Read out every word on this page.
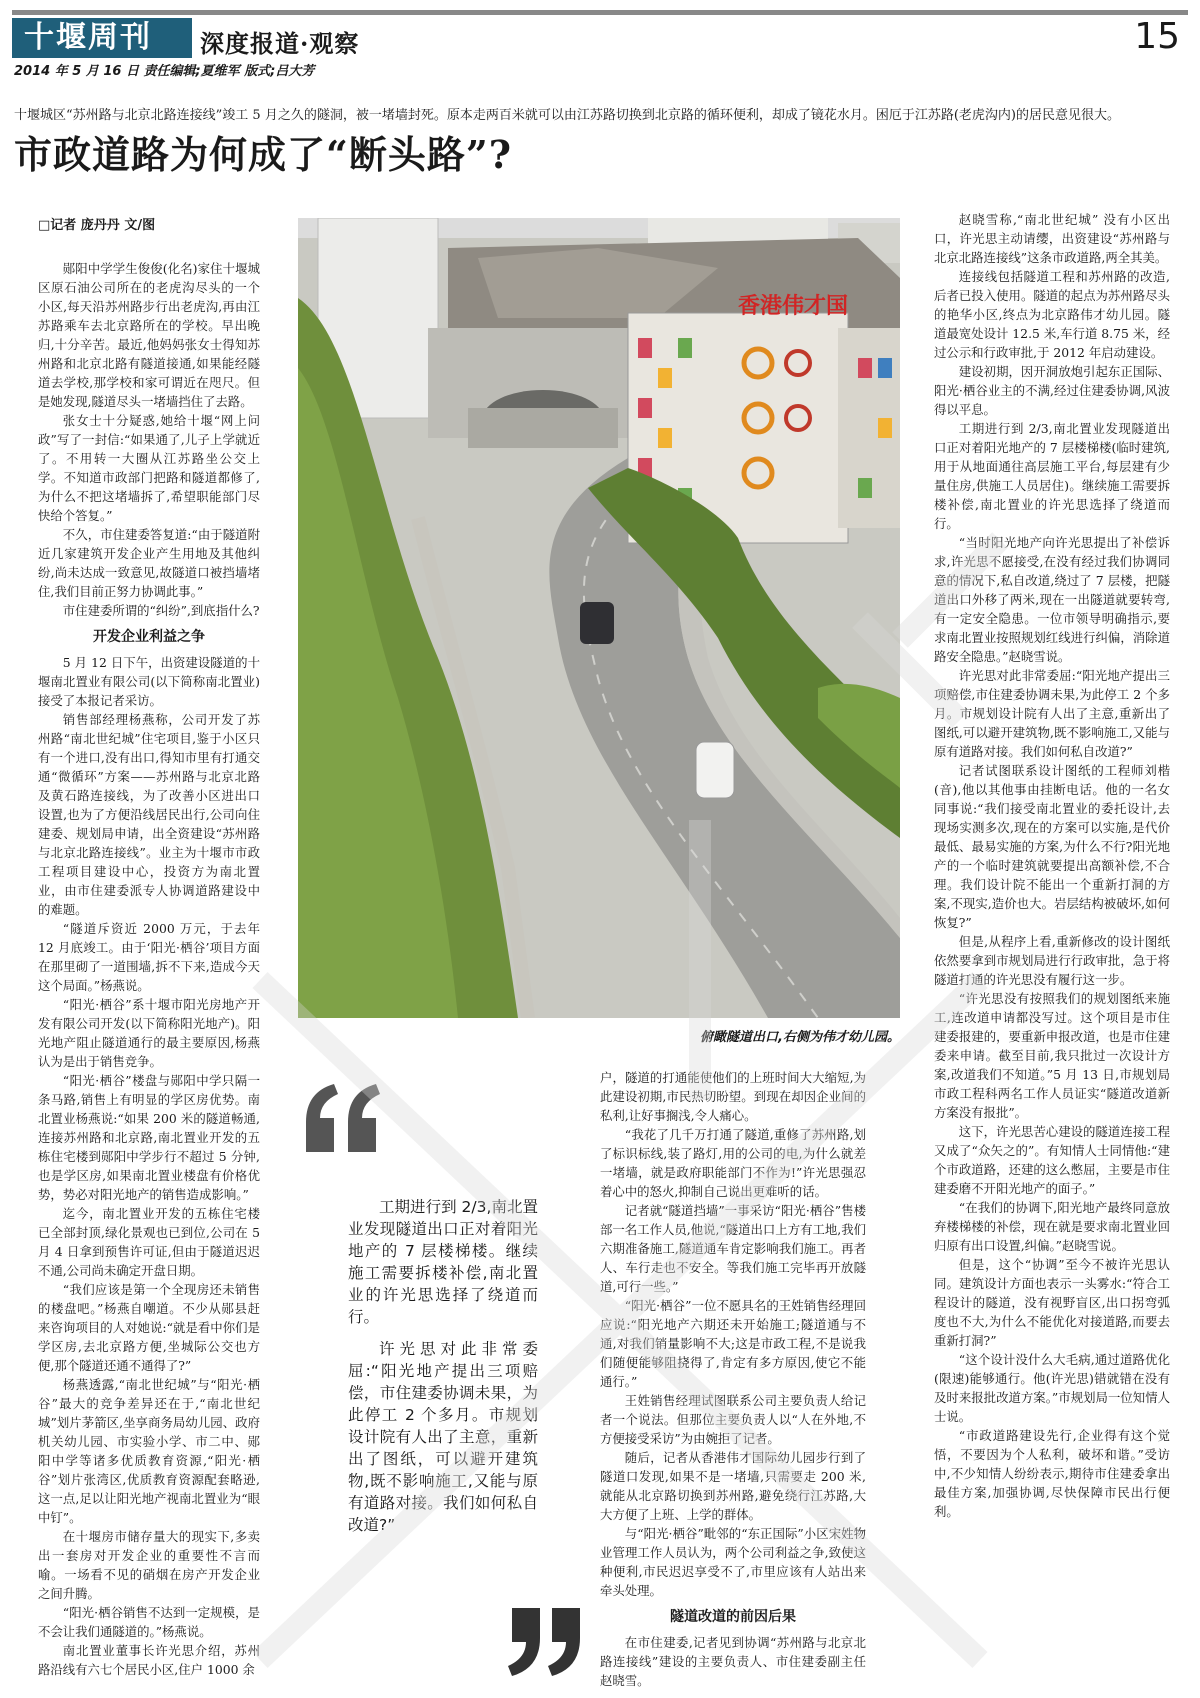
十堰周刊	深度报道·观察	15
2014 年 5 月 16 日 责任编辑;夏维军 版式;吕大芳
十堰城区“苏州路与北京北路连接线”竣工 5 月之久的隧洞，被一堵墙封死。原本走两百米就可以由江苏路切换到北京路的循环便利，却成了镜花水月。困厄于江苏路(老虎沟内)的居民意见很大。
市政道路为何成了“断头路”?

□记者 庞丹丹 文/图

郧阳中学学生俊俊(化名)家住十堰城区原石油公司所在的老虎沟尽头的一个小区,每天沿苏州路步行出老虎沟,再由江苏路乘车去北京路所在的学校。早出晚归,十分辛苦。最近,他妈妈张女士得知苏州路和北京北路有隧道接通,如果能经隧道去学校,那学校和家可谓近在咫尺。但是她发现,隧道尽头一堵墙挡住了去路。

张女士十分疑惑,她给十堰“网上问政”写了一封信:“如果通了,儿子上学就近了。不用转一大圈从江苏路坐公交上学。不知道市政部门把路和隧道都修了,为什么不把这堵墙拆了,希望职能部门尽快给个答复。”

不久，市住建委答复道:“由于隧道附近几家建筑开发企业产生用地及其他纠纷,尚未达成一致意见,故隧道口被挡墙堵住,我们目前正努力协调此事。”

市住建委所谓的“纠纷”,到底指什么?

开发企业利益之争

5 月 12 日下午，出资建设隧道的十堰南北置业有限公司(以下简称南北置业)接受了本报记者采访。

销售部经理杨燕称，公司开发了苏州路“南北世纪城”住宅项目,鉴于小区只有一个进口,没有出口,得知市里有打通交通“微循环”方案——苏州路与北京北路及黄石路连接线，为了改善小区进出口设置,也为了方便沿线居民出行,公司向住建委、规划局申请，出全资建设“苏州路与北京北路连接线”。业主为十堰市市政工程项目建设中心，投资方为南北置业，由市住建委派专人协调道路建设中的难题。

“隧道斥资近 2000 万元，于去年 12 月底竣工。由于‘阳光·栖谷’项目方面在那里砌了一道围墙,拆不下来,造成今天这个局面。”杨燕说。

“阳光·栖谷”系十堰市阳光房地产开发有限公司开发(以下简称阳光地产)。阳光地产阻止隧道通行的最主要原因,杨燕认为是出于销售竞争。

“阳光·栖谷”楼盘与郧阳中学只隔一条马路,销售上有明显的学区房优势。南北置业杨燕说:“如果 200 米的隧道畅通,连接苏州路和北京路,南北置业开发的五栋住宅楼到郧阳中学步行不超过 5 分钟,也是学区房,如果南北置业楼盘有价格优势，势必对阳光地产的销售造成影响。”

迄今，南北置业开发的五栋住宅楼已全部封顶,绿化景观也已到位,公司在 5 月 4 日拿到预售许可证,但由于隧道迟迟不通,公司尚未确定开盘日期。

“我们应该是第一个全现房还未销售的楼盘吧。”杨燕自嘲道。不少从郧县赶来咨询项目的人对她说:“就是看中你们是学区房,去北京路方便,坐城际公交也方便,那个隧道还通不通得了?”

杨燕透露,“南北世纪城”与“阳光·栖谷”最大的竞争差异还在于,“南北世纪城”划片茅箭区,坐享商务局幼儿园、政府机关幼儿园、市实验小学、市二中、郧阳中学等诸多优质教育资源,“阳光·栖谷”划片张湾区,优质教育资源配套略逊,这一点,足以让阳光地产视南北置业为“眼中钉”。

在十堰房市储存量大的现实下,多卖出一套房对开发企业的重要性不言而喻。一场看不见的硝烟在房产开发企业之间升腾。

“阳光·栖谷销售不达到一定规模，是不会让我们通隧道的。”杨燕说。

南北置业董事长许光思介绍，苏州路沿线有六七个居民小区,住户 1000 余

香港伟才国
俯瞰隧道出口,右侧为伟才幼儿园。

工期进行到 2/3,南北置业发现隧道出口正对着阳光地产的 7 层楼梯楼。继续施工需要拆楼补偿,南北置业的许光思选择了绕道而行。

许光思对此非常委屈:“阳光地产提出三项赔偿，市住建委协调未果，为此停工 2 个多月。市规划设计院有人出了主意，重新出了图纸，可以避开建筑物,既不影响施工,又能与原有道路对接。我们如何私自改道?”

户，隧道的打通能使他们的上班时间大大缩短,为此建设初期,市民热切盼望。到现在却因企业间的私利,让好事搁浅,令人痛心。

“我花了几千万打通了隧道,重修了苏州路,划了标识标线,装了路灯,用的公司的电,为什么就差一堵墙，就是政府职能部门不作为!”许光思强忍着心中的怒火,抑制自己说出更难听的话。

记者就“隧道挡墙”一事采访“阳光·栖谷”售楼部一名工作人员,他说,“隧道出口上方有工地,我们六期准备施工,隧道通车肯定影响我们施工。再者人、车行走也不安全。等我们施工完毕再开放隧道,可行一些。”

“阳光·栖谷”一位不愿具名的王姓销售经理回应说:“阳光地产六期还未开始施工;隧道通与不通,对我们销量影响不大;这是市政工程,不是说我们随便能够阻挠得了,肯定有多方原因,使它不能通行。”

王姓销售经理试图联系公司主要负责人给记者一个说法。但那位主要负责人以“人在外地,不方便接受采访”为由婉拒了记者。

随后，记者从香港伟才国际幼儿园步行到了隧道口发现,如果不是一堵墙,只需要走 200 米,就能从北京路切换到苏州路,避免绕行江苏路,大大方便了上班、上学的群体。

与“阳光·栖谷”毗邻的“东正国际”小区宋姓物业管理工作人员认为，两个公司利益之争,致使这种便利,市民迟迟享受不了,市里应该有人站出来牵头处理。

隧道改道的前因后果

在市住建委,记者见到协调“苏州路与北京北路连接线”建设的主要负责人、市住建委副主任赵晓雪。

赵晓雪称,“南北世纪城” 没有小区出口，许光思主动请缨，出资建设“苏州路与北京北路连接线”这条市政道路,两全其美。

连接线包括隧道工程和苏州路的改造,后者已投入使用。隧道的起点为苏州路尽头的艳华小区,终点为北京路伟才幼儿园。隧道最宽处设计 12.5 米,车行道 8.75 米，经过公示和行政审批,于 2012 年启动建设。

建设初期，因开洞放炮引起东正国际、阳光·栖谷业主的不满,经过住建委协调,风波得以平息。

工期进行到 2/3,南北置业发现隧道出口正对着阳光地产的 7 层楼梯楼(临时建筑,用于从地面通往高层施工平台,每层建有少量住房,供施工人员居住)。继续施工需要拆楼补偿,南北置业的许光思选择了绕道而行。

“当时阳光地产向许光思提出了补偿诉求,许光思不愿接受,在没有经过我们协调同意的情况下,私自改道,绕过了 7 层楼，把隧道出口外移了两米,现在一出隧道就要转弯,有一定安全隐患。一位市领导明确指示,要求南北置业按照规划红线进行纠偏，消除道路安全隐患。”赵晓雪说。

许光思对此非常委屈:“阳光地产提出三项赔偿,市住建委协调未果,为此停工 2 个多月。市规划设计院有人出了主意,重新出了图纸,可以避开建筑物,既不影响施工,又能与原有道路对接。我们如何私自改道?”

记者试图联系设计图纸的工程师刘楷(音),他以其他事由挂断电话。他的一名女同事说:“我们接受南北置业的委托设计,去现场实测多次,现在的方案可以实施,是代价最低、最易实施的方案,为什么不行?阳光地产的一个临时建筑就要提出高额补偿,不合理。我们设计院不能出一个重新打洞的方案,不现实,造价也大。岩层结构被破坏,如何恢复?”

但是,从程序上看,重新修改的设计图纸依然要拿到市规划局进行行政审批，急于将隧道打通的许光思没有履行这一步。

“许光思没有按照我们的规划图纸来施工,连改道申请都没写过。这个项目是市住建委报建的，要重新申报改道，也是市住建委来申请。截至目前,我只批过一次设计方案,改道我们不知道。”5 月 13 日,市规划局市政工程科两名工作人员证实“隧道改道新方案没有报批”。

这下，许光思苦心建设的隧道连接工程又成了“众矢之的”。有知情人士同情他:“建个市政道路，还建的这么憋屈，主要是市住建委磨不开阳光地产的面子。”

“在我们的协调下,阳光地产最终同意放弃楼梯楼的补偿，现在就是要求南北置业回归原有出口设置,纠偏。”赵晓雪说。

但是，这个“协调”至今不被许光思认同。建筑设计方面也表示一头雾水:“符合工程设计的隧道，没有视野盲区,出口拐弯弧度也不大,为什么不能优化对接道路,而要去重新打洞?”

“这个设计没什么大毛病,通过道路优化(限速)能够通行。他(许光思)错就错在没有及时来报批改道方案。”市规划局一位知情人士说。

“市政道路建设先行,企业得有这个觉悟，不要因为个人私利，破坏和谐。”受访中,不少知情人纷纷表示,期待市住建委拿出最佳方案,加强协调,尽快保障市民出行便利。
